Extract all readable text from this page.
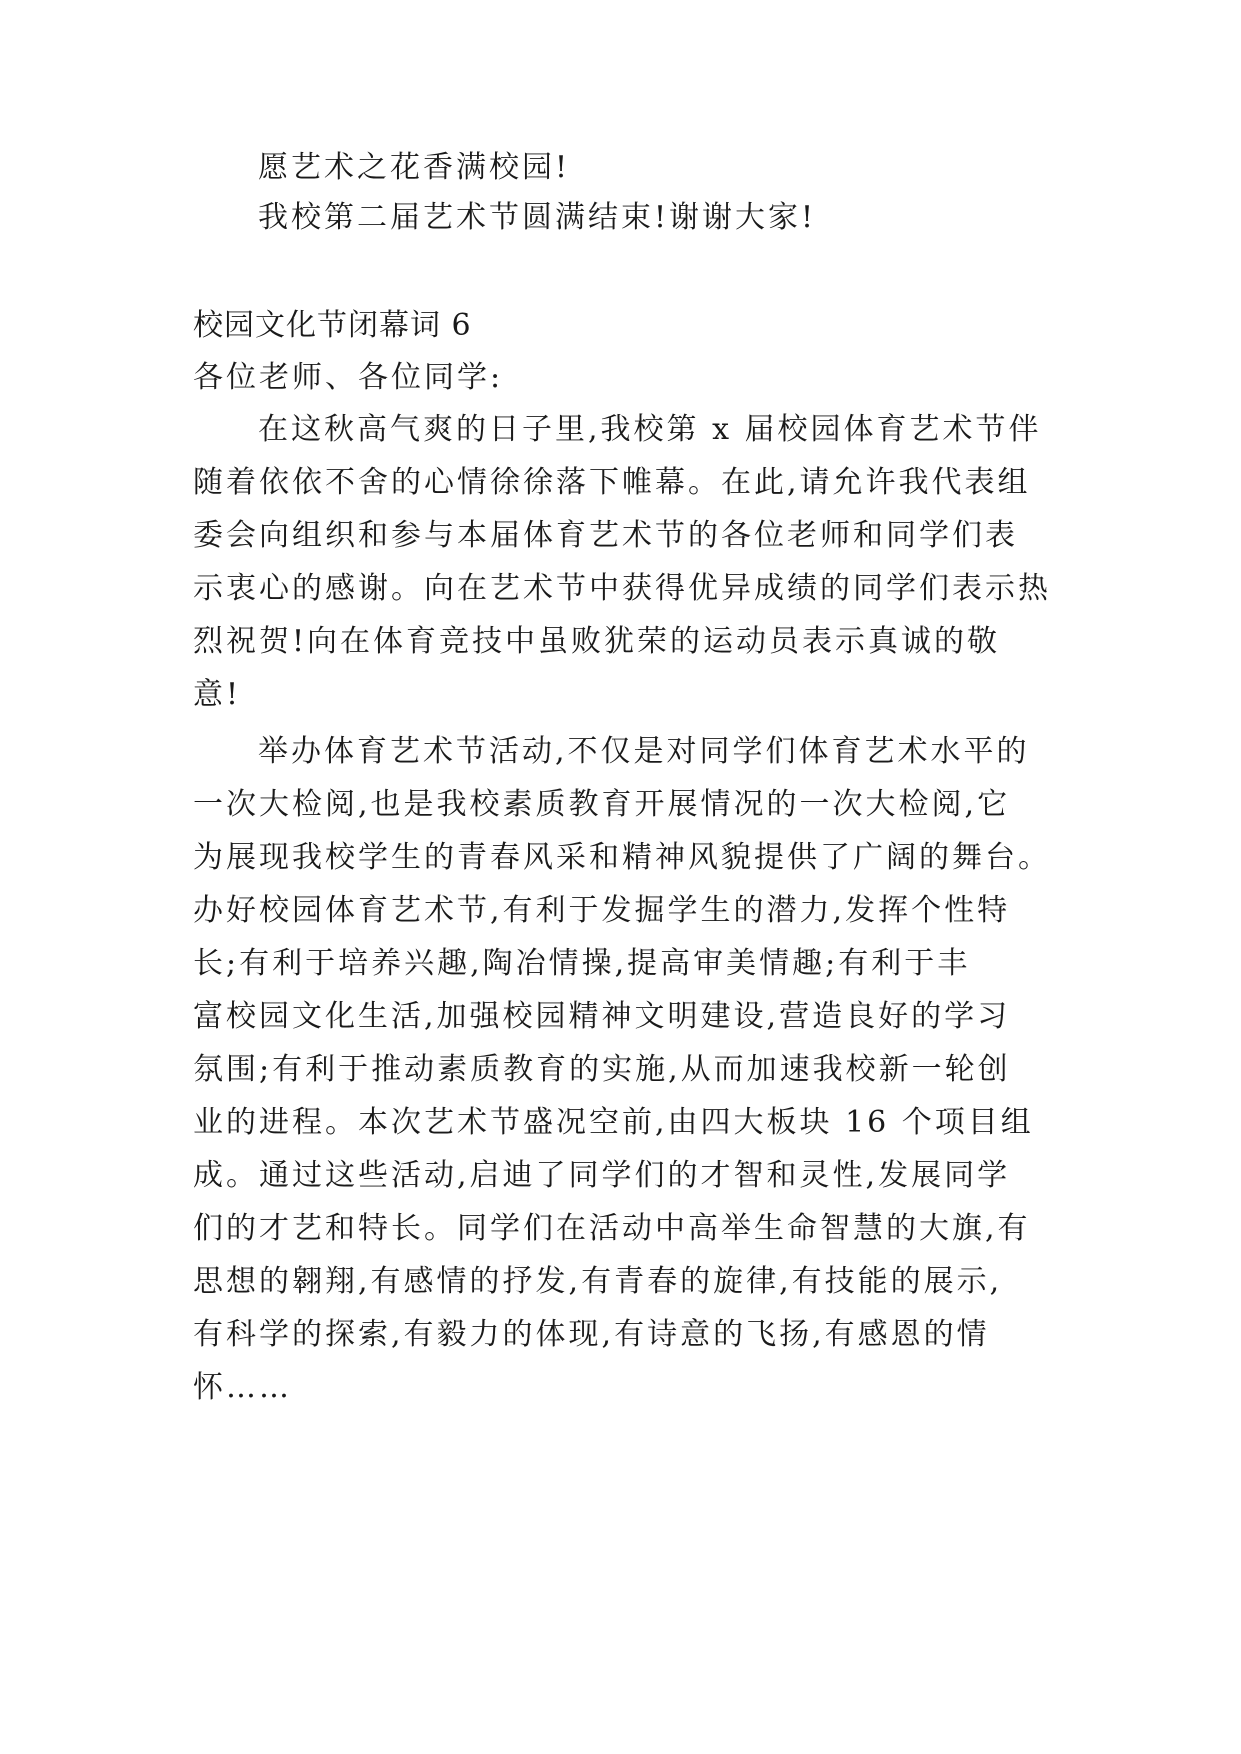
愿艺术之花香满校园!
我校第二届艺术节圆满结束!谢谢大家!
校园文化节闭幕词 6
各位老师、各位同学:
在这秋高气爽的日子里,我校第 x 届校园体育艺术节伴
随着依依不舍的心情徐徐落下帷幕。在此,请允许我代表组
委会向组织和参与本届体育艺术节的各位老师和同学们表
示衷心的感谢。向在艺术节中获得优异成绩的同学们表示热
烈祝贺!向在体育竞技中虽败犹荣的运动员表示真诚的敬
意!
举办体育艺术节活动,不仅是对同学们体育艺术水平的
一次大检阅,也是我校素质教育开展情况的一次大检阅,它
为展现我校学生的青春风采和精神风貌提供了广阔的舞台。
办好校园体育艺术节,有利于发掘学生的潜力,发挥个性特
长;有利于培养兴趣,陶冶情操,提高审美情趣;有利于丰
富校园文化生活,加强校园精神文明建设,营造良好的学习
氛围;有利于推动素质教育的实施,从而加速我校新一轮创
业的进程。本次艺术节盛况空前,由四大板块 16 个项目组
成。通过这些活动,启迪了同学们的才智和灵性,发展同学
们的才艺和特长。同学们在活动中高举生命智慧的大旗,有
思想的翱翔,有感情的抒发,有青春的旋律,有技能的展示,
有科学的探索,有毅力的体现,有诗意的飞扬,有感恩的情
怀……
